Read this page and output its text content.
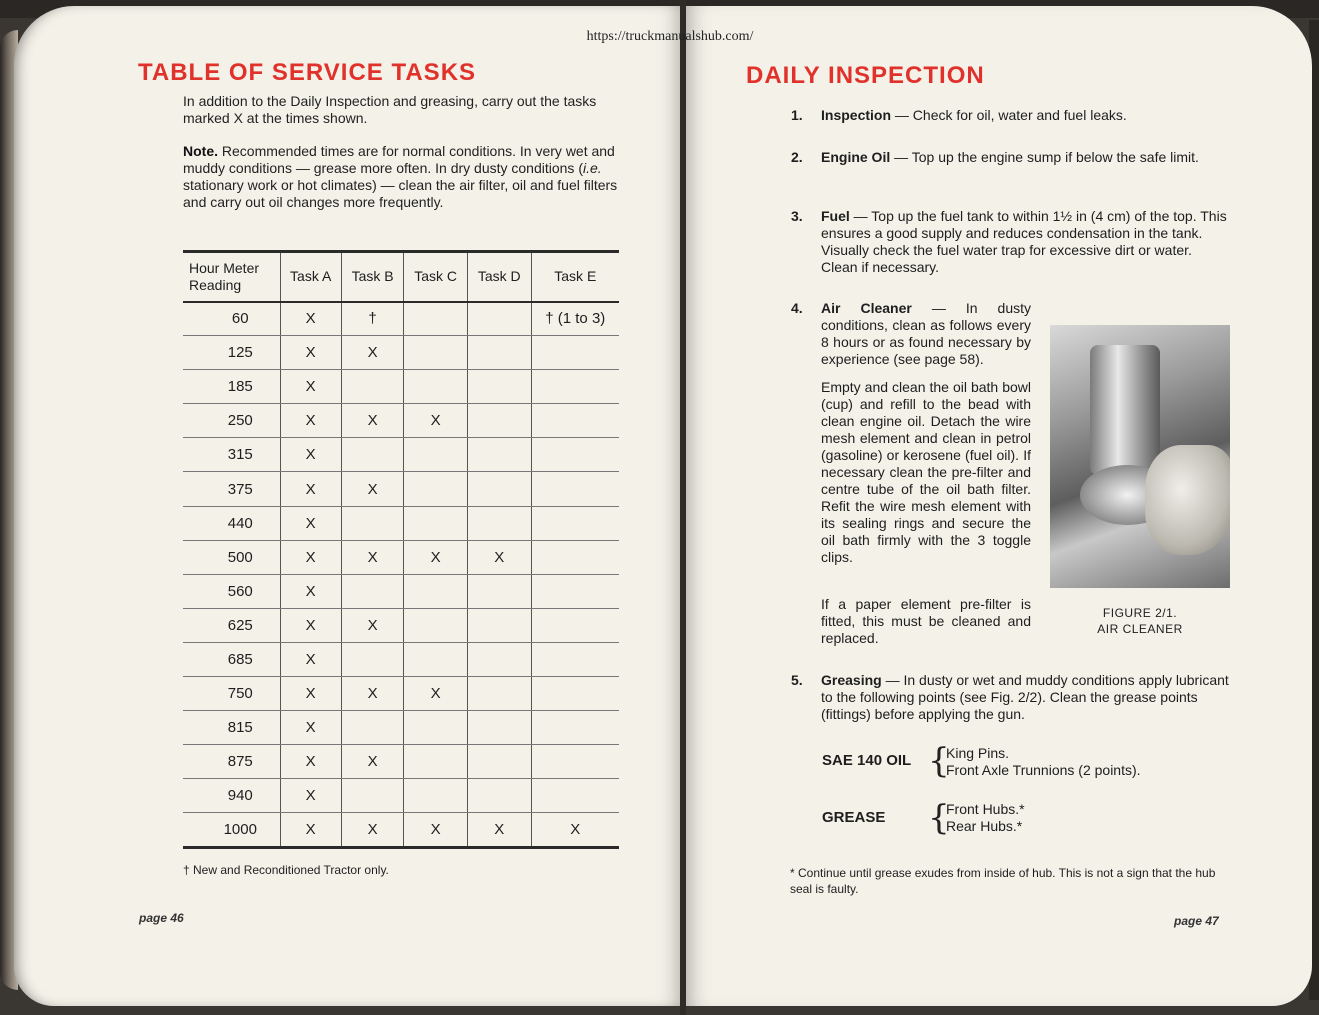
https://truckmanualshub.com/
TABLE OF SERVICE TASKS

In addition to the Daily Inspection and greasing, carry out the tasks marked X at the times shown.

Note. Recommended times are for normal conditions. In very wet and muddy conditions — grease more often. In dry dusty conditions (i.e. stationary work or hot climates) — clean the air filter, oil and fuel filters and carry out oil changes more frequently.

Hour Meter Reading	Task A	Task B	Task C	Task D	Task E
60	X	†			† (1 to 3)
125	X	X			
185	X				
250	X	X	X		
315	X				
375	X	X			
440	X				
500	X	X	X	X	
560	X				
625	X	X			
685	X				
750	X	X	X		
815	X				
875	X	X			
940	X				
1000	X	X	X	X	X

† New and Reconditioned Tractor only.

page 46
DAILY INSPECTION
1. Inspection — Check for oil, water and fuel leaks.

2. Engine Oil — Top up the engine sump if below the safe limit.

3. Fuel — Top up the fuel tank to within 1½ in (4 cm) of the top. This ensures a good supply and reduces condensation in the tank. Visually check the fuel water trap for excessive dirt or water. Clean if necessary.

4. Air Cleaner — In dusty conditions, clean as follows every 8 hours or as found necessary by experience (see page 58).

Empty and clean the oil bath bowl (cup) and refill to the bead with clean engine oil. Detach the wire mesh element and clean in petrol (gasoline) or kerosene (fuel oil). If necessary clean the pre-filter and centre tube of the oil bath filter. Refit the wire mesh element with its sealing rings and secure the oil bath firmly with the 3 toggle clips.

If a paper element pre-filter is fitted, this must be cleaned and replaced.

FIGURE 2/1.
AIR CLEANER
5. Greasing — In dusty or wet and muddy conditions apply lubricant to the following points (see Fig. 2/2). Clean the grease points (fittings) before applying the gun.

SAE 140 OIL {
King Pins.
Front Axle Trunnions (2 points).
GREASE {
Front Hubs.*
Rear Hubs.*

* Continue until grease exudes from inside of hub. This is not a sign that the hub seal is faulty.

page 47
